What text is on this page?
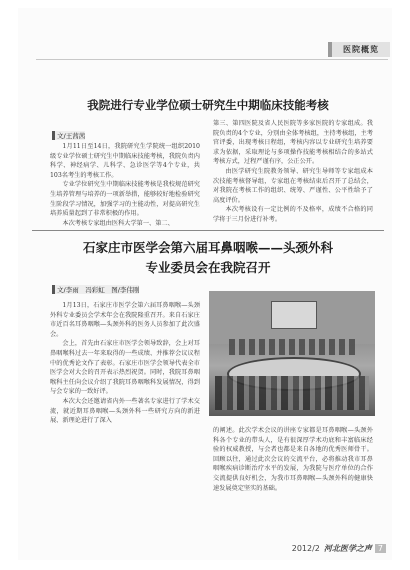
医院概览
我院进行专业学位硕士研究生中期临床技能考核
文/王茜茜

1月11日至14日，我院研究生学院统一组织2010级专业学位硕士研究生中期临床技能考核，我院负责内科学、神经病学、儿科学、急诊医学等4个专业，共103名考生的考核工作。

专业学位研究生中期临床技能考核是我校规范研究生培养管理与培养的一项新举措，能够较好地检验研究生阶段学习情况，加强学习的主能动性，对提高研究生培养质量起到了非常积极的作用。

本次考核专家组由医科大学第一、第二、

第三、第四医院及省人民医院等多家医院的专家组成。我院负责的4个专业，分别由全体考核组，主持考核组，主考官评委，出现考核日程组，考核内容以专业研究生培养要求为依据，采取理论与多项操作技能考核相结合的多站式考核方式，过程严谨有序，公正公开。

由医学研究生院教务领导、研究生导师等专家组成本次技能考核督导组，专家组在考核结束后召开了总结会，对我院在考核工作的组织、统筹、严谨性、公平性给予了高度评价。

本次考核设有一定比例的不及格率，成绩不合格的同学将于三月份进行补考。

石家庄市医学会第六届耳鼻咽喉——头颈外科
专业委员会在我院召开
文/李雨　冯彩虹　图/李伟刚

1月13日，石家庄市医学会第六届耳鼻咽喉—头颈外科专业委员会学术年会在我院隆重召开。来自石家庄市近百名耳鼻咽喉—头颈外科的医务人员参加了此次盛会。

会上，首先由石家庄市医学会领导致辞，会上对耳鼻咽喉科过去一年来取得的一些成绩、并推荐会议议程中的优秀论文作了表彰。石家庄市医学会领导代表全市医学会对大会的召开表示热烈祝贺。同时，我院耳鼻咽喉科主任向会议介绍了我院耳鼻咽喉科发展情况，得到与会专家的一致好评。

本次大会还邀请省内外一些著名专家进行了学术交流，就近期耳鼻咽喉—头颈外科一些研究方向的新进展、新理论进行了深入

的阐述。此次学术会议的讲座专家都是耳鼻咽喉—头颈外科各个专业的带头人，是有很深厚学术功底和丰富临床经验的权威教授，与会者也都是来自各地的优秀医师骨干。回顾以往，通过此次会议的交流平台，必将推动我市耳鼻咽喉疾病诊断治疗水平的发展，为我院与医疗单位的合作交流提供良好机会，为我市耳鼻咽喉—头颈外科的健康快速发展奠定坚实的基础。

2012/2 河北医学之声 7
